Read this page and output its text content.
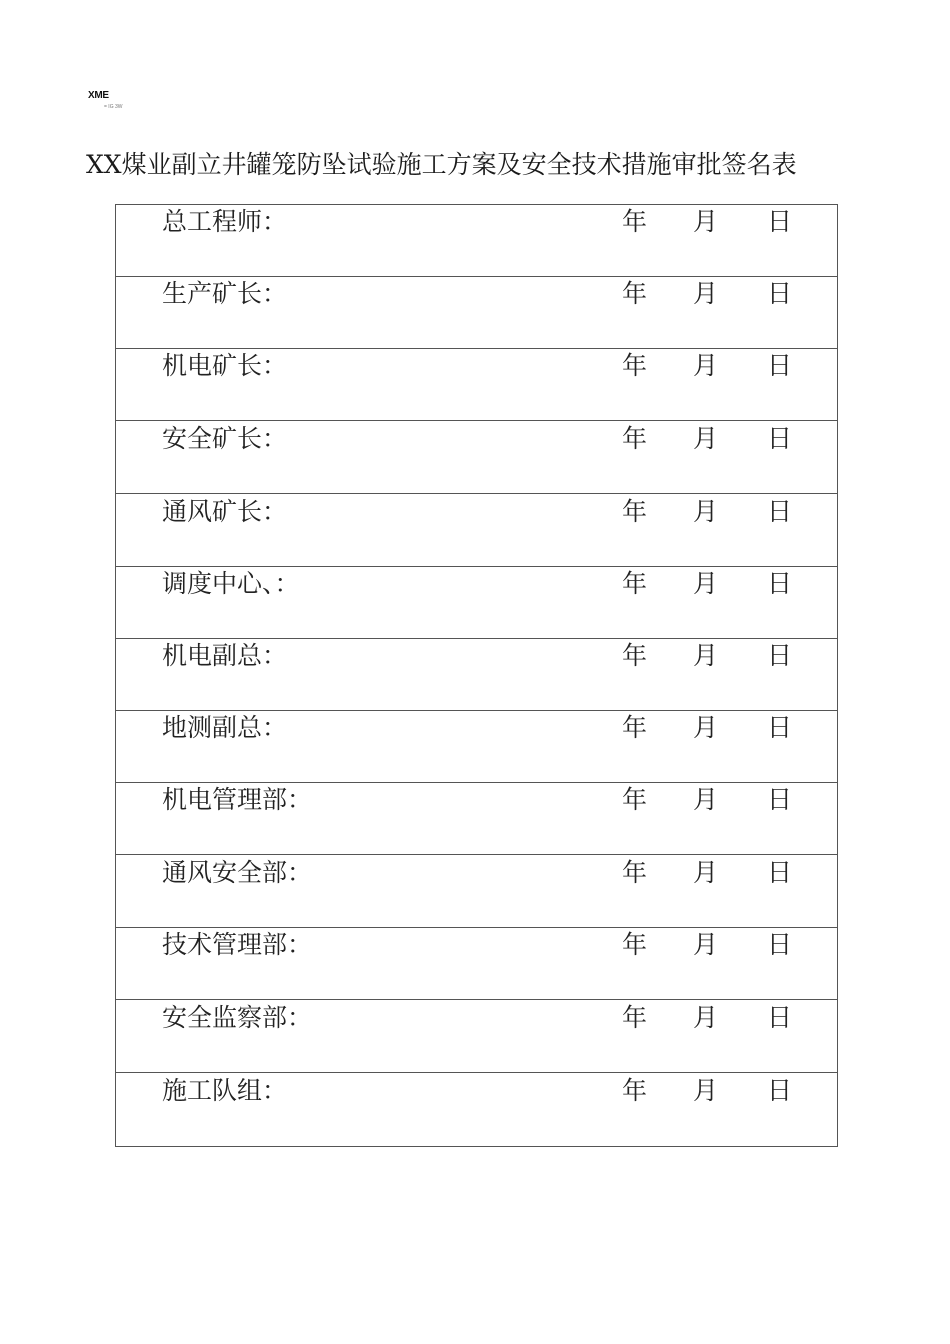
XME
= IG 3W
XX煤业副立井罐笼防坠试验施工方案及安全技术措施审批签名表
总工程师：	年 月 日
生产矿长：	年 月 日
机电矿长：	年 月 日
安全矿长：	年 月 日
通风矿长：	年 月 日
调度中心、：	年 月 日
机电副总：	年 月 日
地测副总：	年 月 日
机电管理部：	年 月 日
通风安全部：	年 月 日
技术管理部：	年 月 日
安全监察部：	年 月 日
施工队组：	年 月 日
